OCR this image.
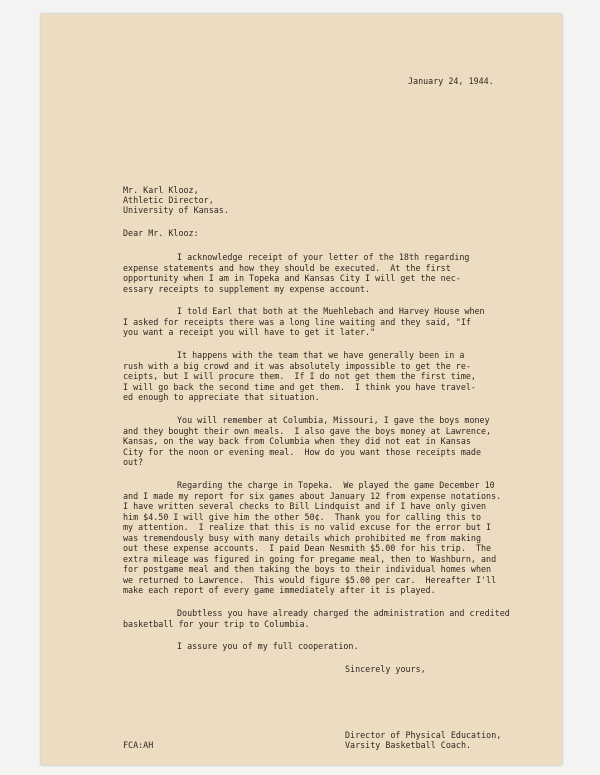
January 24, 1944.
Mr. Karl Klooz,
Athletic Director,
University of Kansas.
Dear Mr. Klooz:
I acknowledge receipt of your letter of the 18th regarding
expense statements and how they should be executed.  At the first
opportunity when I am in Topeka and Kansas City I will get the nec-
essary receipts to supplement my expense account.
I told Earl that both at the Muehlebach and Harvey House when
I asked for receipts there was a long line waiting and they said, "If
you want a receipt you will have to get it later."
It happens with the team that we have generally been in a
rush with a big crowd and it was absolutely impossible to get the re-
ceipts, but I will procure them.  If I do not get them the first time,
I will go back the second time and get them.  I think you have travel-
ed enough to appreciate that situation.
You will remember at Columbia, Missouri, I gave the boys money
and they bought their own meals.  I also gave the boys money at Lawrence,
Kansas, on the way back from Columbia when they did not eat in Kansas
City for the noon or evening meal.  How do you want those receipts made
out?
Regarding the charge in Topeka.  We played the game December 10
and I made my report for six games about January 12 from expense notations.
I have written several checks to Bill Lindquist and if I have only given
him $4.50 I will give him the other 50¢.  Thank you for calling this to
my attention.  I realize that this is no valid excuse for the error but I
was tremendously busy with many details which prohibited me from making
out these expense accounts.  I paid Dean Nesmith $5.00 for his trip.  The
extra mileage was figured in going for pregame meal, then to Washburn, and
for postgame meal and then taking the boys to their individual homes when
we returned to Lawrence.  This would figure $5.00 per car.  Hereafter I'll
make each report of every game immediately after it is played.
Doubtless you have already charged the administration and credited
basketball for your trip to Columbia.
I assure you of my full cooperation.
Sincerely yours,
Director of Physical Education,
Varsity Basketball Coach.
FCA:AH
